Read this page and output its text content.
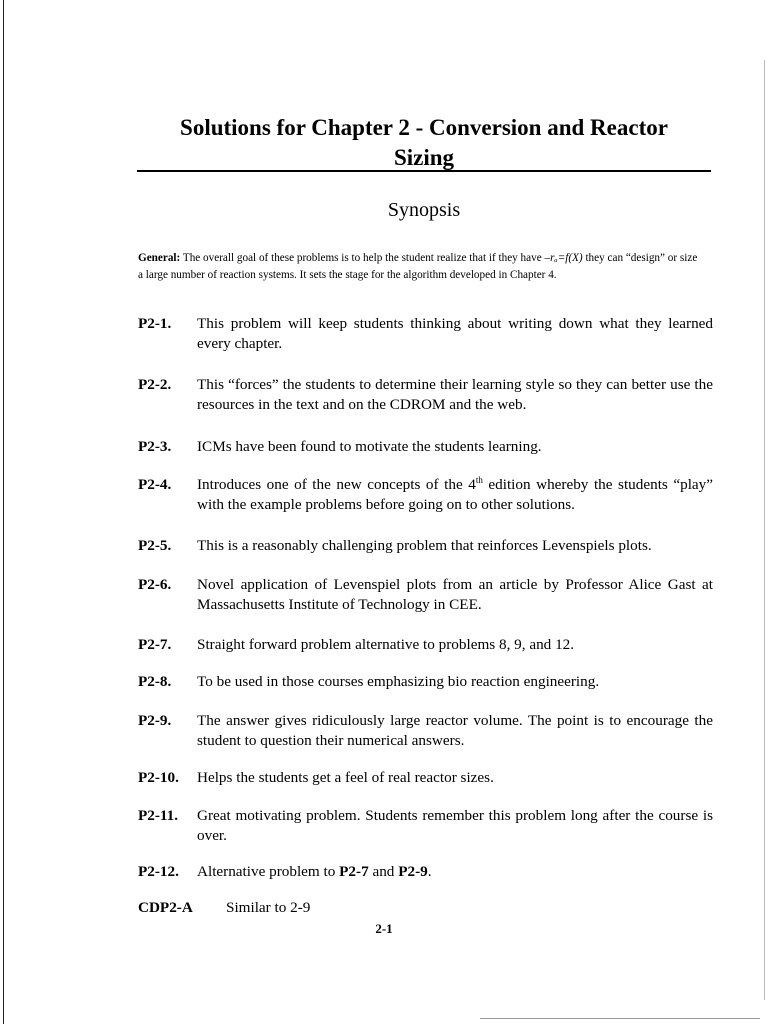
Solutions for Chapter 2 - Conversion and Reactor
Sizing
Synopsis
General: The overall goal of these problems is to help the student realize that if they have –rₐ=f(X) they can “design” or size a large number of reaction systems. It sets the stage for the algorithm developed in Chapter 4.
P2-1.	This problem will keep students thinking about writing down what they learned every chapter.
P2-2.	This “forces” the students to determine their learning style so they can better use the resources in the text and on the CDROM and the web.
P2-3.	ICMs have been found to motivate the students learning.
P2-4.	Introduces one of the new concepts of the 4th edition whereby the students “play” with the example problems before going on to other solutions.
P2-5.	This is a reasonably challenging problem that reinforces Levenspiels plots.
P2-6.	Novel application of Levenspiel plots from an article by Professor Alice Gast at Massachusetts Institute of Technology in CEE.
P2-7.	Straight forward problem alternative to problems 8, 9, and 12.
P2-8.	To be used in those courses emphasizing bio reaction engineering.
P2-9.	The answer gives ridiculously large reactor volume. The point is to encourage the student to question their numerical answers.
P2-10.	Helps the students get a feel of real reactor sizes.
P2-11.	Great motivating problem. Students remember this problem long after the course is over.
P2-12.	Alternative problem to P2-7 and P2-9.
CDP2-A	Similar to 2-9
2-1
